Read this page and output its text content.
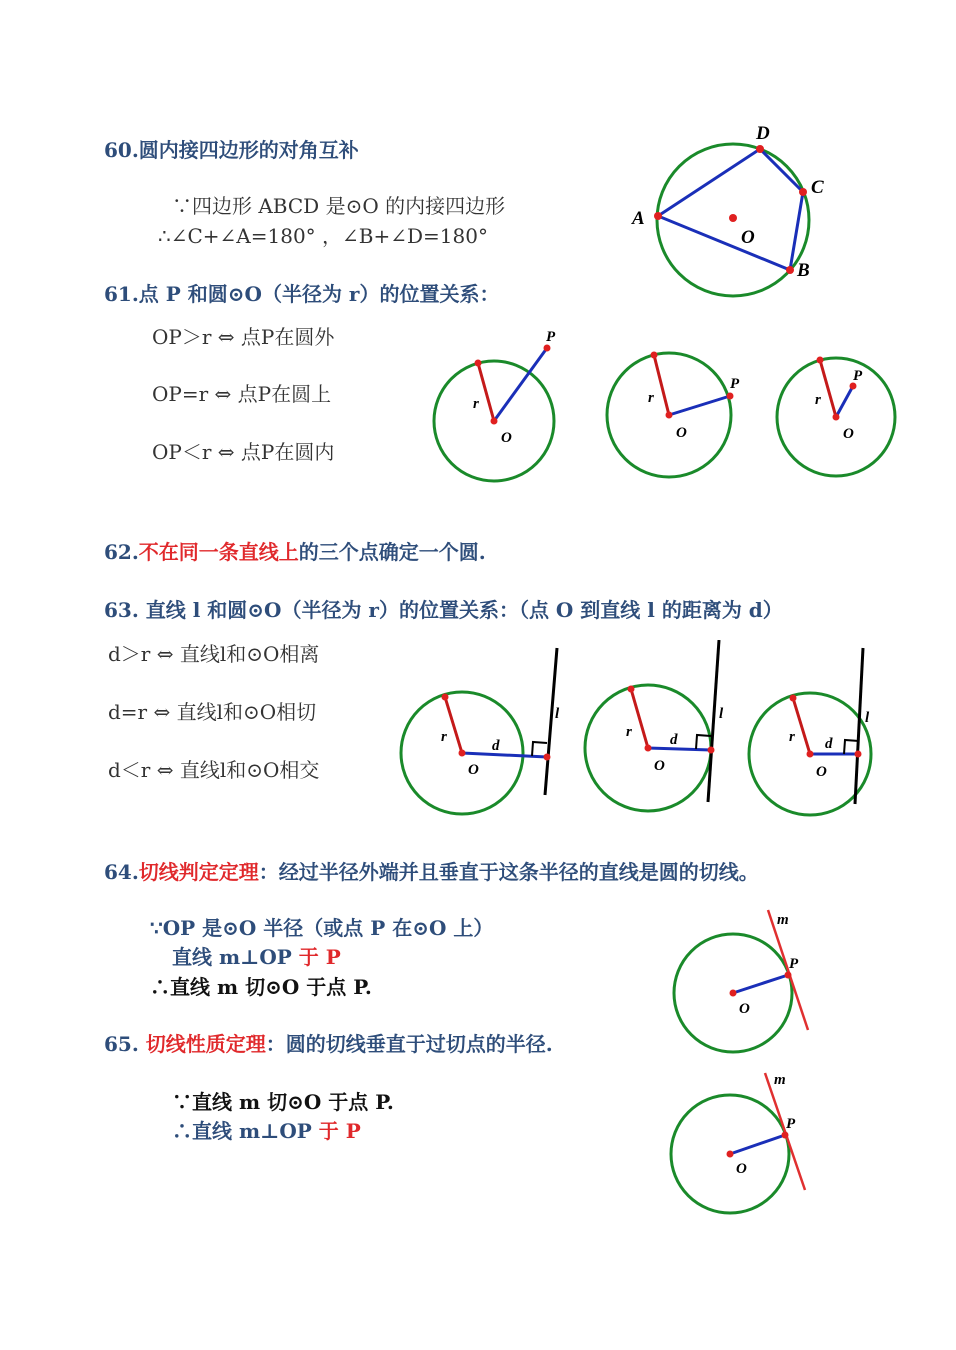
60.圆内接四边形的对角互补
∵四边形 ABCD 是⊙O 的内接四边形
∴∠C+∠A=180° ，∠B+∠D=180°
A
D
C
B
O
61.点 P 和圆⊙O（半径为 r）的位置关系：
OP＞r ⇔ 点P在圆外
OP=r ⇔ 点P在圆上
OP＜r ⇔ 点P在圆内
r
O
P
r
O
P
r
O
P
62.不在同一条直线上的三个点确定一个圆.
63. 直线 l 和圆⊙O（半径为 r）的位置关系：（点 O 到直线 l 的距离为 d）
d＞r ⇔ 直线l和⊙O相离
d=r ⇔ 直线l和⊙O相切
d＜r ⇔ 直线l和⊙O相交
r
O
d
l
r
O
d
l
r
O
d
l
64.切线判定定理：经过半径外端并且垂直于这条半径的直线是圆的切线。
∵OP 是⊙O 半径（或点 P 在⊙O 上）
直线 m⊥OP 于 P
∴直线 m 切⊙O 于点 P.
m
P
O
65. 切线性质定理：圆的切线垂直于过切点的半径.
∵直线 m 切⊙O 于点 P.
∴直线 m⊥OP 于 P
m
P
O
